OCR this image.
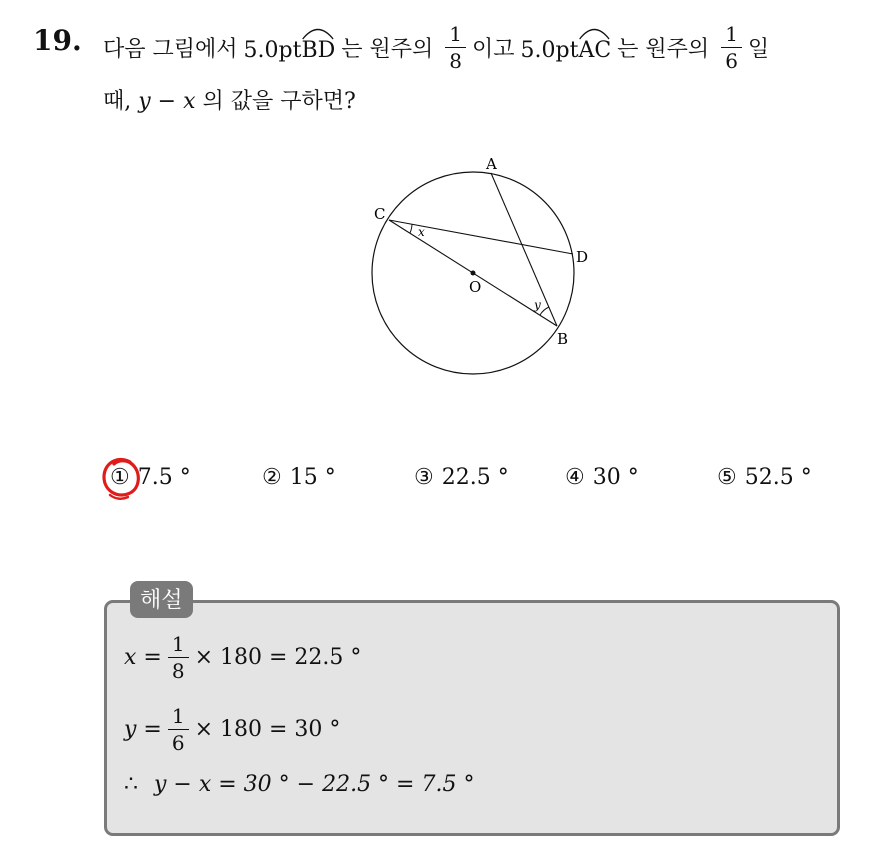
19. 다음 그림에서 5.0pt
BD 는 원주의 $\frac{1}{8}$ 이고 5.0pt
AC 는 원주의 $\frac{1}{6}$ 일
때, y − x 의 값을 구하면?
A
C
D
O
B
x
y
① 7.5 °	② 15 °	③ 22.5 °	④ 30 °	⑤ 52.5 °
해설
$x = \frac{1}{8} \times 180 = 22.5$ °
$y = \frac{1}{6} \times 180 = 30$ °
∴ y − x = 30 ° − 22.5 ° = 7.5 °
